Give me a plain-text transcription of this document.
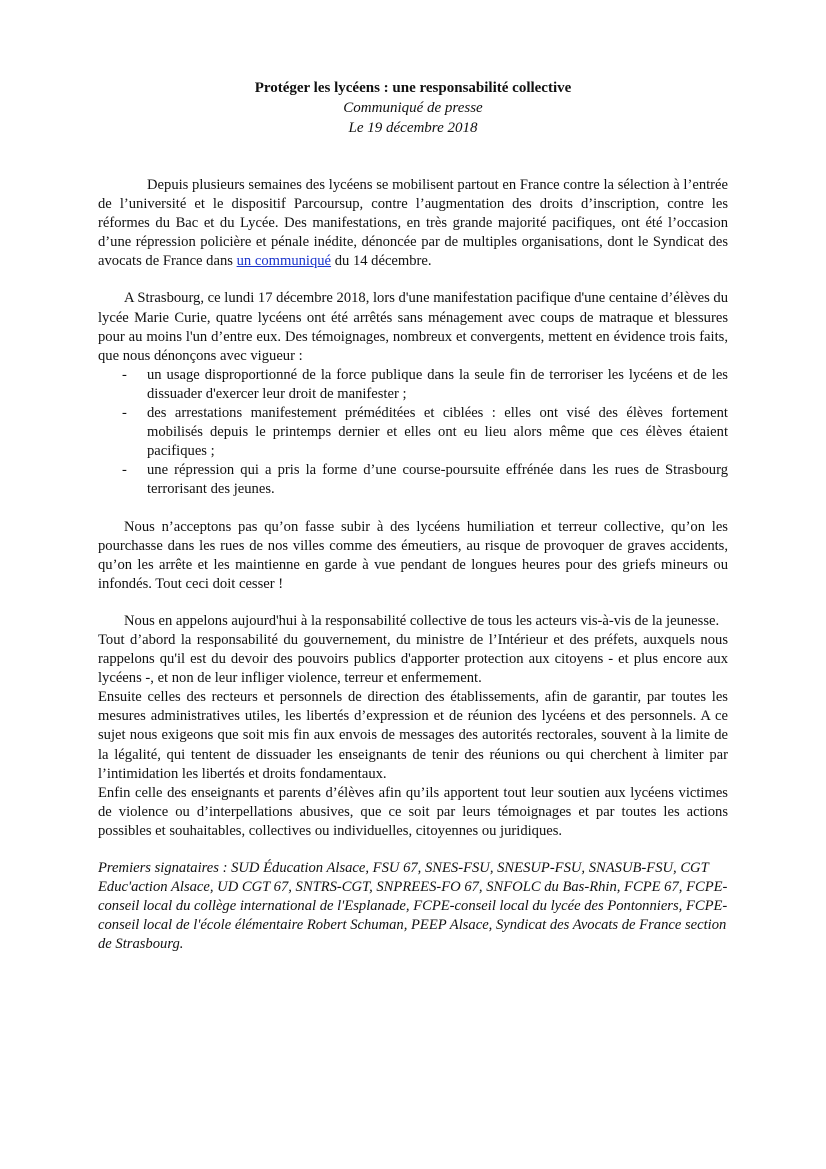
Protéger les lycéens : une responsabilité collective
Communiqué de presse
Le 19 décembre 2018

Depuis plusieurs semaines des lycéens se mobilisent partout en France contre la sélection à l’entrée de l’université et le dispositif Parcoursup, contre l’augmentation des droits d’inscription, contre les réformes du Bac et du Lycée. Des manifestations, en très grande majorité pacifiques, ont été l’occasion d’une répression policière et pénale inédite, dénoncée par de multiples organisations, dont le Syndicat des avocats de France dans un communiqué du 14 décembre.

A Strasbourg, ce lundi 17 décembre 2018, lors d'une manifestation pacifique d'une centaine d’élèves du lycée Marie Curie, quatre lycéens ont été arrêtés sans ménagement avec coups de matraque et blessures pour au moins l'un d’entre eux. Des témoignages, nombreux et convergents, mettent en évidence trois faits, que nous dénonçons avec vigueur :

- un usage disproportionné de la force publique dans la seule fin de terroriser les lycéens et de les dissuader d'exercer leur droit de manifester ;
- des arrestations manifestement préméditées et ciblées : elles ont visé des élèves fortement mobilisés depuis le printemps dernier et elles ont eu lieu alors même que ces élèves étaient pacifiques ;
- une répression qui a pris la forme d’une course-poursuite effrénée dans les rues de Strasbourg terrorisant des jeunes.

Nous n’acceptons pas qu’on fasse subir à des lycéens humiliation et terreur collective, qu’on les pourchasse dans les rues de nos villes comme des émeutiers, au risque de provoquer de graves accidents, qu’on les arrête et les maintienne en garde à vue pendant de longues heures pour des griefs mineurs ou infondés. Tout ceci doit cesser !

Nous en appelons aujourd'hui à la responsabilité collective de tous les acteurs vis-à-vis de la jeunesse.

Tout d’abord la responsabilité du gouvernement, du ministre de l’Intérieur et des préfets, auxquels nous rappelons qu'il est du devoir des pouvoirs publics d'apporter protection aux citoyens - et plus encore aux lycéens -, et non de leur infliger violence, terreur et enfermement.

Ensuite celles des recteurs et personnels de direction des établissements, afin de garantir, par toutes les mesures administratives utiles, les libertés d’expression et de réunion des lycéens et des personnels. A ce sujet nous exigeons que soit mis fin aux envois de messages des autorités rectorales, souvent à la limite de la légalité, qui tentent de dissuader les enseignants de tenir des réunions ou qui cherchent à limiter par l’intimidation les libertés et droits fondamentaux.

Enfin celle des enseignants et parents d’élèves afin qu’ils apportent tout leur soutien aux lycéens victimes de violence ou d’interpellations abusives, que ce soit par leurs témoignages et par toutes les actions possibles et souhaitables, collectives ou individuelles, citoyennes ou juridiques.

Premiers signataires : SUD Éducation Alsace, FSU 67, SNES-FSU, SNESUP-FSU, SNASUB-FSU, CGT Educ'action Alsace, UD CGT 67, SNTRS-CGT, SNPREES-FO 67, SNFOLC du Bas-Rhin, FCPE 67, FCPE-conseil local du collège international de l'Esplanade, FCPE-conseil local du lycée des Pontonniers, FCPE-conseil local de l'école élémentaire Robert Schuman, PEEP Alsace, Syndicat des Avocats de France section de Strasbourg.
